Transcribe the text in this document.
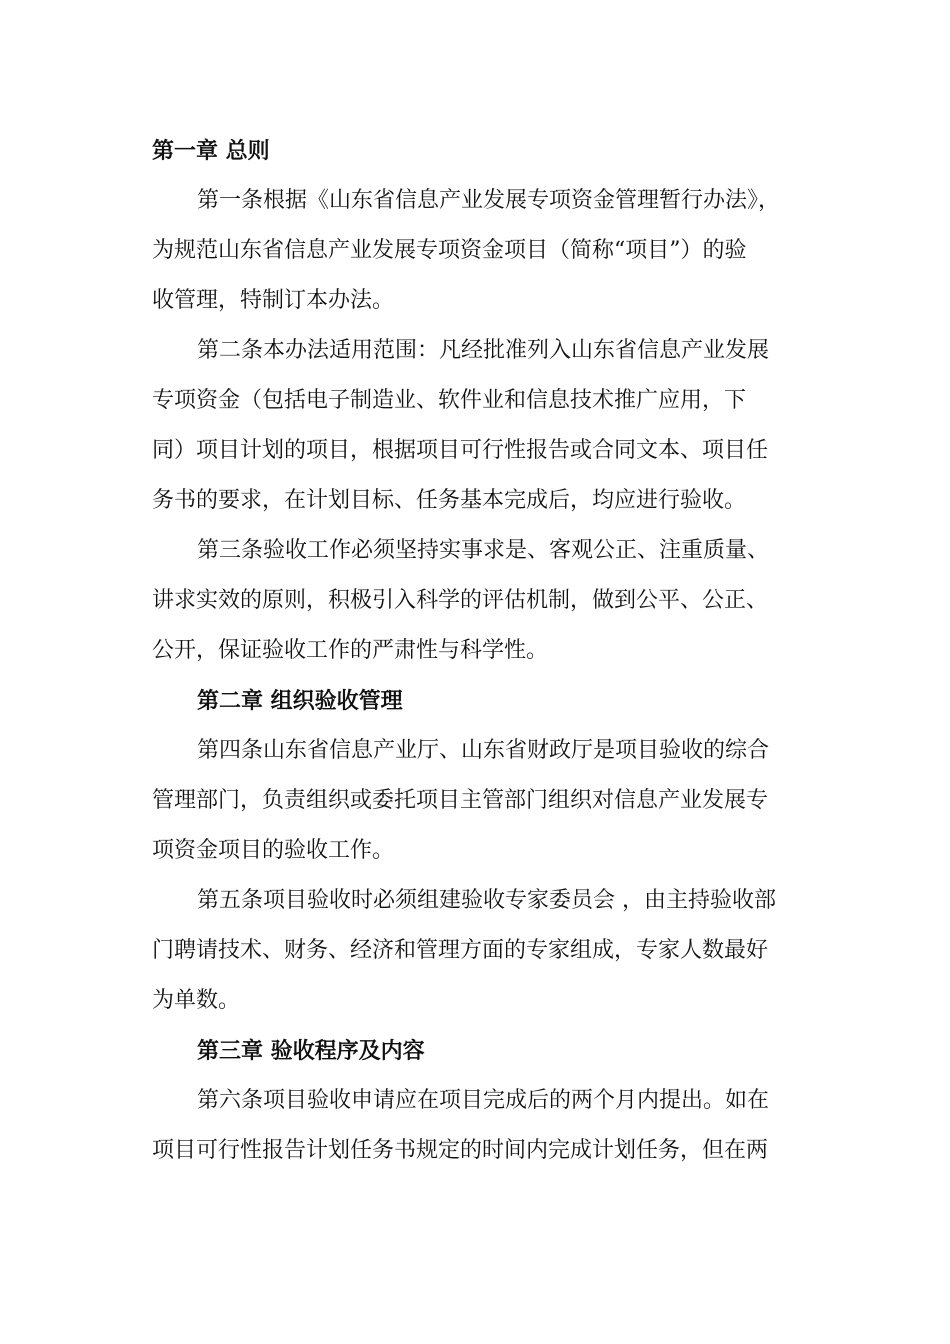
第一章 总则
第一条根据《山东省信息产业发展专项资金管理暂行办法》，
为规范山东省信息产业发展专项资金项目（简称“项目”）的验
收管理，特制订本办法。
第二条本办法适用范围：凡经批准列入山东省信息产业发展
专项资金（包括电子制造业、软件业和信息技术推广应用，下
同）项目计划的项目，根据项目可行性报告或合同文本、项目任
务书的要求，在计划目标、任务基本完成后，均应进行验收。
第三条验收工作必须坚持实事求是、客观公正、注重质量、
讲求实效的原则，积极引入科学的评估机制，做到公平、公正、
公开，保证验收工作的严肃性与科学性。
第二章 组织验收管理
第四条山东省信息产业厅、山东省财政厅是项目验收的综合
管理部门，负责组织或委托项目主管部门组织对信息产业发展专
项资金项目的验收工作。
第五条项目验收时必须组建验收专家委员会 ，由主持验收部
门聘请技术、财务、经济和管理方面的专家组成，专家人数最好
为单数。
第三章 验收程序及内容
第六条项目验收申请应在项目完成后的两个月内提出。如在
项目可行性报告计划任务书规定的时间内完成计划任务，但在两
